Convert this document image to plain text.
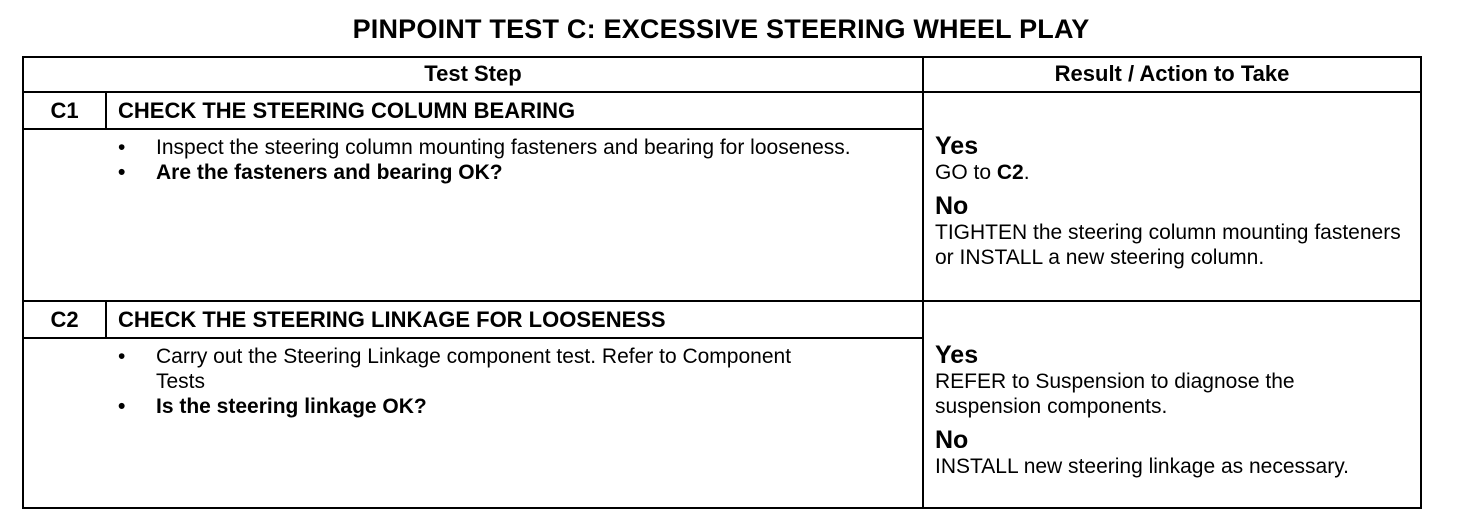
PINPOINT TEST C: EXCESSIVE STEERING WHEEL PLAY
Test Step	Result / Action to Take
C1	CHECK THE STEERING COLUMN BEARING
• Inspect the steering column mounting fasteners and bearing for looseness.
• Are the fasteners and bearing OK?
Yes
GO to C2.
No
TIGHTEN the steering column mounting fasteners or INSTALL a new steering column.
C2	CHECK THE STEERING LINKAGE FOR LOOSENESS
• Carry out the Steering Linkage component test. Refer to Component Tests
• Is the steering linkage OK?
Yes
REFER to Suspension to diagnose the suspension components.
No
INSTALL new steering linkage as necessary.
